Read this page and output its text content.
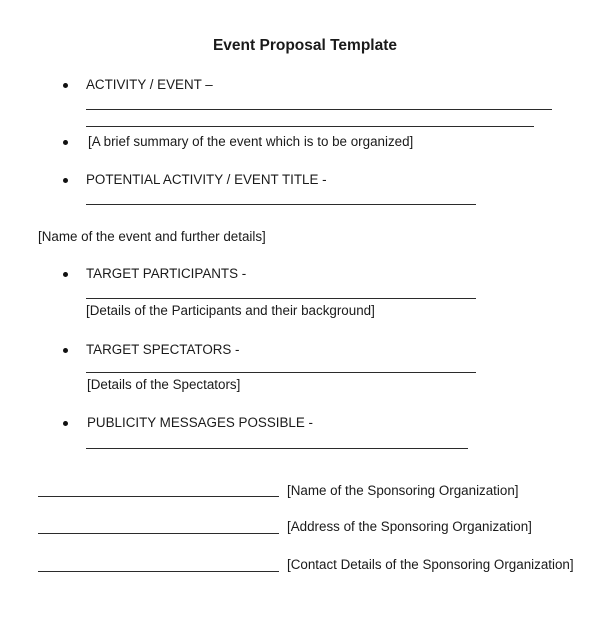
Event Proposal Template
ACTIVITY / EVENT –
[A brief summary of the event which is to be organized]
POTENTIAL ACTIVITY / EVENT TITLE -
[Name of the event and further details]
TARGET PARTICIPANTS -
[Details of the Participants and their background]
TARGET SPECTATORS -
[Details of the Spectators]
PUBLICITY MESSAGES POSSIBLE -
[Name of the Sponsoring Organization]
[Address of the Sponsoring Organization]
[Contact Details of the Sponsoring Organization]
